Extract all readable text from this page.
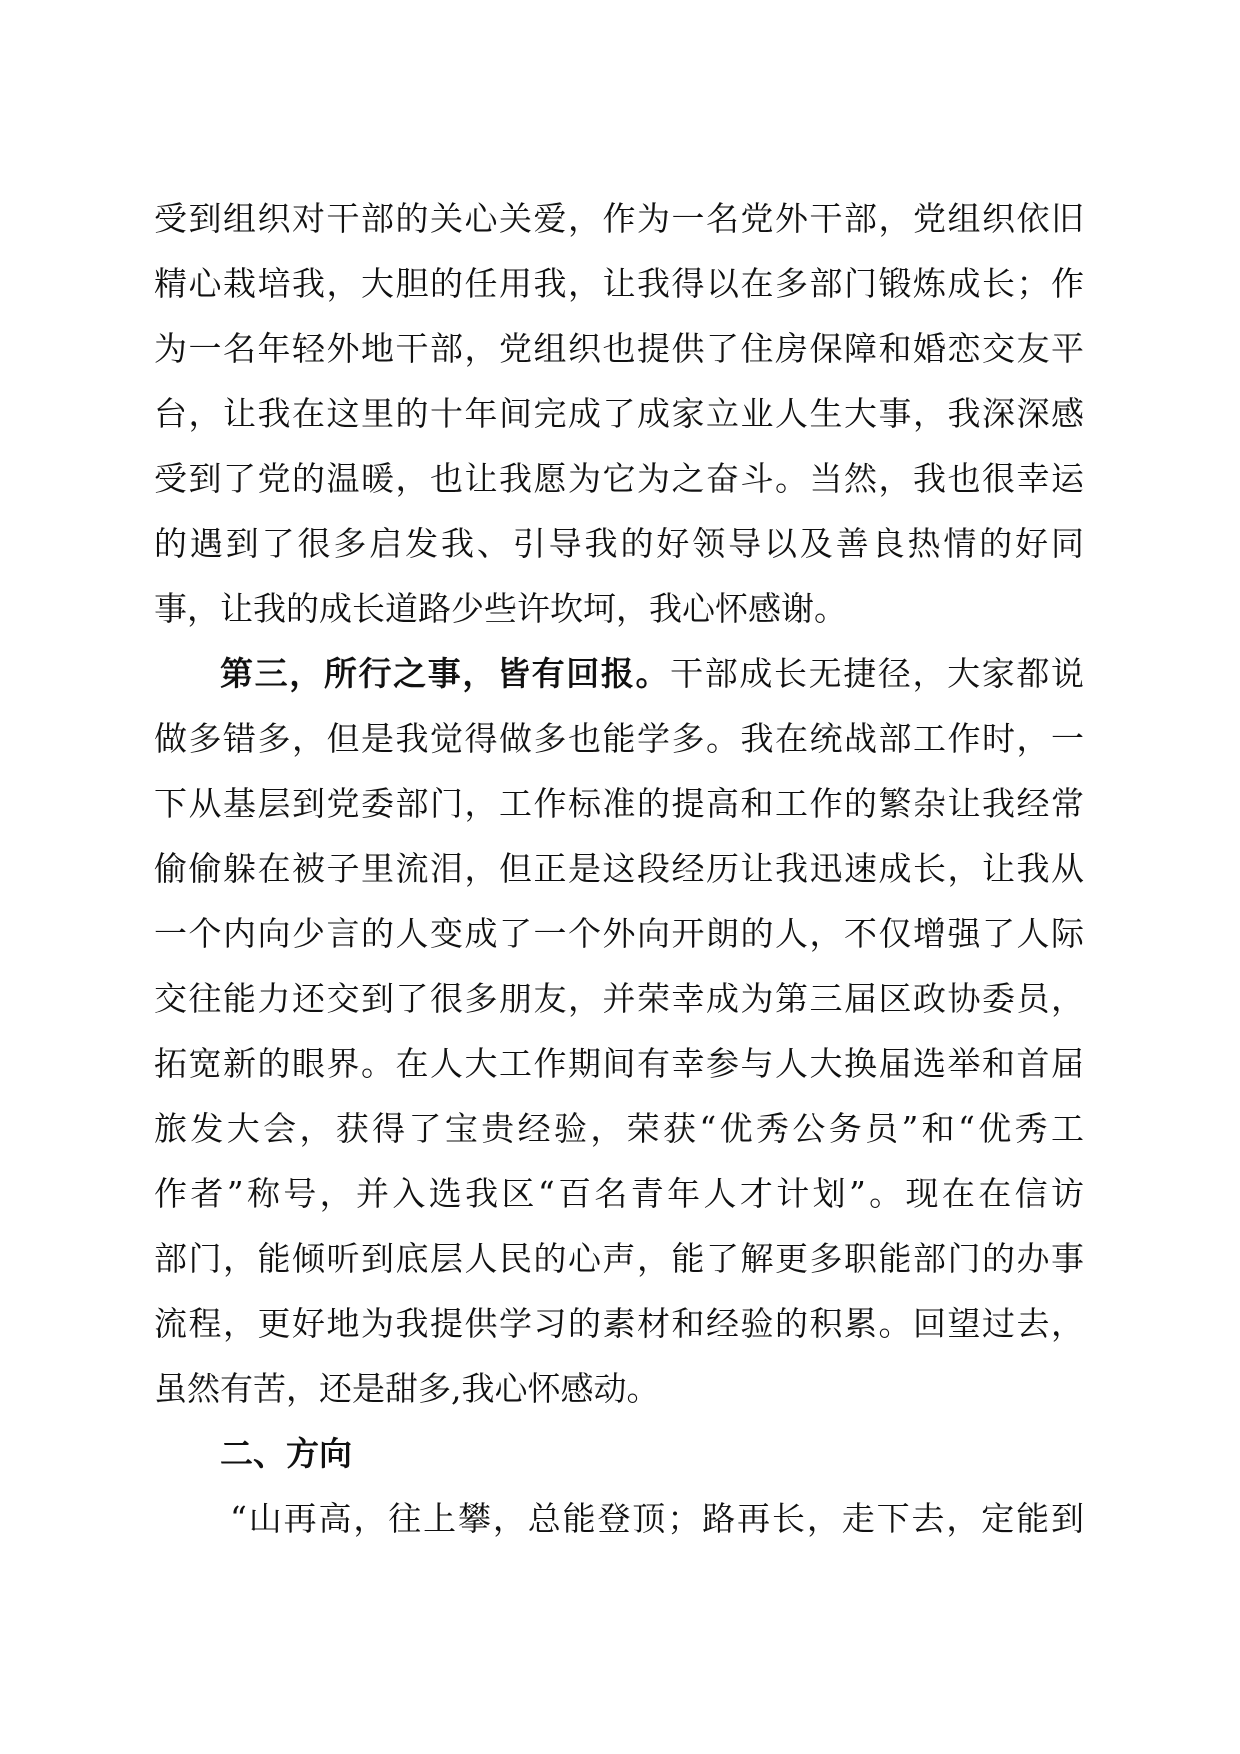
受到组织对干部的关心关爱，作为一名党外干部，党组织依旧
精心栽培我，大胆的任用我，让我得以在多部门锻炼成长；作
为一名年轻外地干部，党组织也提供了住房保障和婚恋交友平
台，让我在这里的十年间完成了成家立业人生大事，我深深感
受到了党的温暖，也让我愿为它为之奋斗。当然，我也很幸运
的遇到了很多启发我、引导我的好领导以及善良热情的好同
事，让我的成长道路少些许坎坷，我心怀感谢。
第三，所行之事，皆有回报。干部成长无捷径，大家都说
做多错多，但是我觉得做多也能学多。我在统战部工作时，一
下从基层到党委部门，工作标准的提高和工作的繁杂让我经常
偷偷躲在被子里流泪，但正是这段经历让我迅速成长，让我从
一个内向少言的人变成了一个外向开朗的人，不仅增强了人际
交往能力还交到了很多朋友，并荣幸成为第三届区政协委员，
拓宽新的眼界。在人大工作期间有幸参与人大换届选举和首届
旅发大会，获得了宝贵经验，荣获“优秀公务员”和“优秀工
作者”称号，并入选我区“百名青年人才计划”。现在在信访
部门，能倾听到底层人民的心声，能了解更多职能部门的办事
流程，更好地为我提供学习的素材和经验的积累。回望过去，
虽然有苦，还是甜多,我心怀感动。
二、方向
“山再高，往上攀，总能登顶；路再长，走下去，定能到
